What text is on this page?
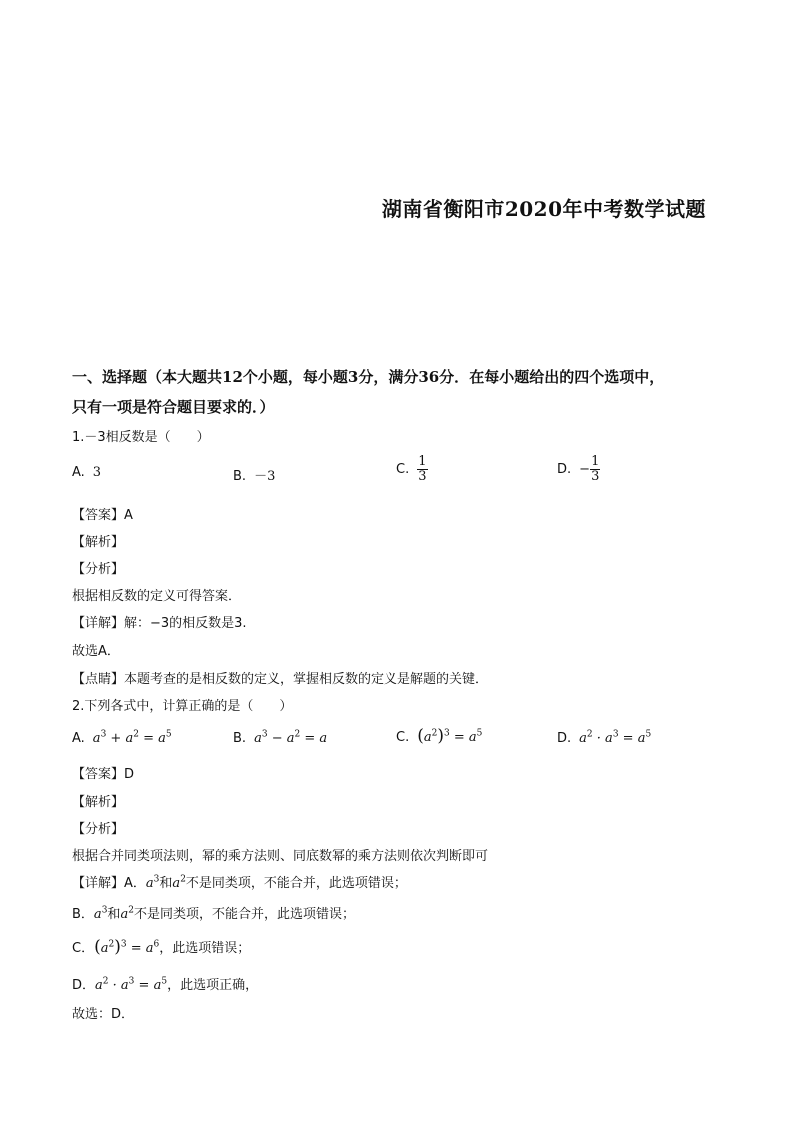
湖南省衡阳市2020年中考数学试题
一、选择题（本大题共12个小题，每小题3分，满分36分．在每小题给出的四个选项中，
只有一项是符合题目要求的．）
1.－3相反数是（　　）
A. 3	B. －3	C. $\frac{1}{3}$	D. − $\frac{1}{3}$
【答案】A
【解析】
【分析】
根据相反数的定义可得答案．
【详解】解：−3的相反数是3.
故选A．
【点睛】本题考查的是相反数的定义，掌握相反数的定义是解题的关键．
2.下列各式中，计算正确的是（　　）
A. $a^3 + a^2 = a^5$	B. $a^3 - a^2 = a$	C. $(a^2)^3 = a^5$	D. $a^2 \cdot a^3 = a^5$
【答案】D
【解析】
【分析】
根据合并同类项法则，幂的乘方法则、同底数幂的乘方法则依次判断即可
【详解】A．$a^3$和$a^2$不是同类项，不能合并，此选项错误；
B．$a^3$和$a^2$不是同类项，不能合并，此选项错误；
C．$(a^2)^3 = a^6$，此选项错误；
D．$a^2 \cdot a^3 = a^5$，此选项正确，
故选：D．
